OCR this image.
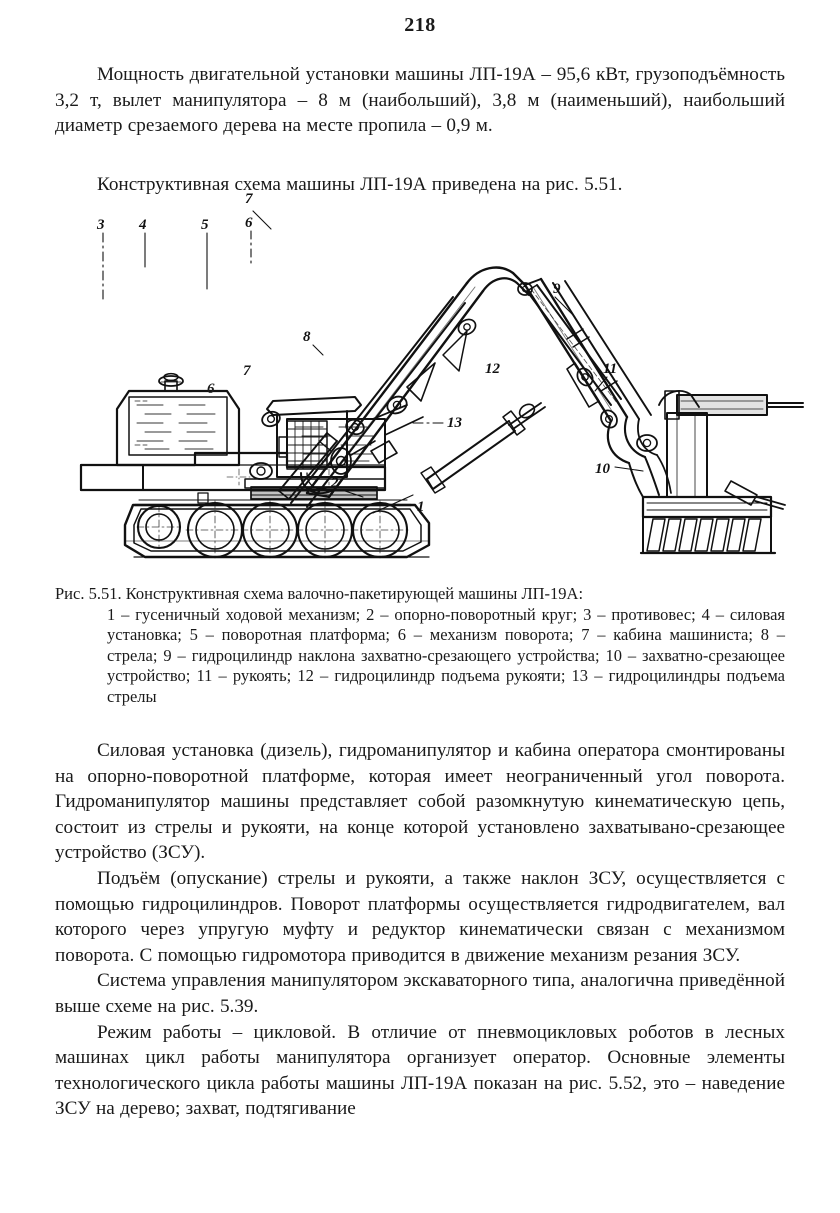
218

Мощность двигательной установки машины ЛП-19А – 95,6 кВт, грузоподъёмность 3,2 т, вылет манипулятора – 8 м (наибольший), 3,8 м (наименьший), наибольший диаметр срезаемого дерева на месте пропила – 0,9 м.

Конструктивная схема машины ЛП-19А приведена на рис. 5.51.

3 4	5 6
7
8
9
10
11
12
13
1
2
7
6

Рис. 5.51. Конструктивная схема валочно-пакетирующей машины ЛП-19А:

1 – гусеничный ходовой механизм; 2 – опорно-поворотный круг; 3 – противовес; 4 – силовая установка; 5 – поворотная платформа; 6 – механизм поворота; 7 – кабина машиниста; 8 – стрела; 9 – гидроцилиндр наклона захватно-срезающего устройства; 10 – захватно-срезающее устройство; 11 – рукоять; 12 – гидроцилиндр подъема рукояти; 13 – гидроцилиндры подъема стрелы

Силовая установка (дизель), гидроманипулятор и кабина оператора смонтированы на опорно-поворотной платформе, которая имеет неограниченный угол поворота. Гидроманипулятор машины представляет собой разомкнутую кинематическую цепь, состоит из стрелы и рукояти, на конце которой установлено захватывано-срезающее устройство (ЗСУ).

Подъём (опускание) стрелы и рукояти, а также наклон ЗСУ, осуществляется с помощью гидроцилиндров. Поворот платформы осуществляется гидродвигателем, вал которого через упругую муфту и редуктор кинематически связан с механизмом поворота. С помощью гидромотора приводится в движение механизм резания ЗСУ.

Система управления манипулятором экскаваторного типа, аналогична приведённой выше схеме на рис. 5.39.

Режим работы – цикловой. В отличие от пневмоцикловых роботов в лесных машинах цикл работы манипулятора организует оператор. Основные элементы технологического цикла работы машины ЛП-19А показан на рис. 5.52, это – наведение ЗСУ на дерево; захват, подтягивание
